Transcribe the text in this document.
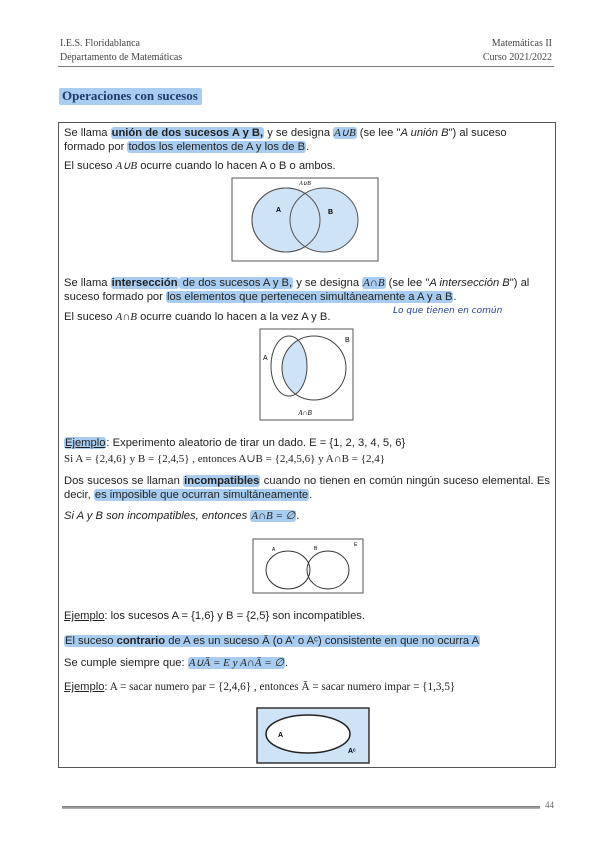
I.E.S. Floridablanca
Departamento de Matemáticas
Matemáticas II
Curso 2021/2022
Operaciones con sucesos
Se llama unión de dos sucesos A y B, y se designa A∪B (se lee "A unión B") al suceso formado por todos los elementos de A y los de B.
El suceso A∪B ocurre cuando lo hacen A o B o ambos.
A∪B
A	B
Se llama intersección de dos sucesos A y B, y se designa A∩B (se lee "A intersección B") al suceso formado por los elementos que pertenecen simultáneamente a A y a B.
El suceso A∩B ocurre cuando lo hacen a la vez A y B.	Lo que tienen en común
A
B
A∩B
Ejemplo: Experimento aleatorio de tirar un dado. E = {1, 2, 3, 4, 5, 6}
Si A = {2,4,6} y B = {2,4,5} , entonces A∪B = {2,4,5,6} y A∩B = {2,4}
Dos sucesos se llaman incompatibles cuando no tienen en común ningún suceso elemental. Es decir, es imposible que ocurran simultáneamente.
Si A y B son incompatibles, entonces A∩B = ∅.
A	B
E
Ejemplo: los sucesos A = {1,6} y B = {2,5} son incompatibles.
El suceso contrario de A es un suceso Ā (o A' o Aᶜ) consistente en que no ocurra A
Se cumple siempre que: A∪Ā = E y A∩Ā = ∅.
Ejemplo: A = sacar numero par = {2,4,6} , entonces Ā = sacar numero impar = {1,3,5}
A
Aᶜ
44
